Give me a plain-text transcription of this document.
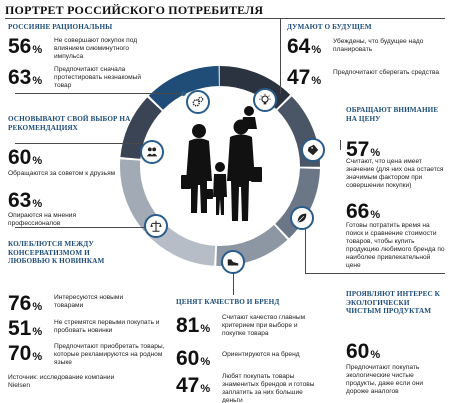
ПОРТРЕТ РОССИЙСКОГО ПОТРЕБИТЕЛЯ
РОССИЯНЕ РАЦИОНАЛЬНЫ
56%
Не совершают покупок под влиянием сиюминутного импульса
63%
Предпочитают сначала протестировать незнакомый товар
ДУМАЮТ О БУДУЩЕМ
64%
Убеждены, что будущее надо планировать
47%
Предпочитают сберегать средства
ОСНОВЫВАЮТ СВОЙ ВЫБОР НА РЕКОМЕНДАЦИЯХ
60%
Обращаются за советом к друзьям
63%
Опираются на мнения профессионалов
ОБРАЩАЮТ ВНИМАНИЕ НА ЦЕНУ
57%
Считают, что цена имеет значение (для них она остается значимым фактором при совершении покупки)
66%
Готовы потратить время на поиск и сравнение стоимости товаров, чтобы купить продукцию любимого бренда по наиболее привлекательной цене
КОЛЕБЛЮТСЯ МЕЖДУ КОНСЕРВАТИЗМОМ И ЛЮБОВЬЮ К НОВИНКАМ
76%
Интересуются новыми товарами
51%
Не стремятся первыми покупать и пробовать новинки
70%
Предпочитают приобретать товары, которые рекламируются на родном языке
Источник: исследование компании Nielsen
ЦЕНЯТ КАЧЕСТВО И БРЕНД
81%
Считают качество главным критерием при выборе и покупке товара
60%
Ориентируются на бренд
47%
Любят покупать товары знаменитых брендов и готовы заплатить за них большие деньги
ПРОЯВЛЯЮТ ИНТЕРЕС К ЭКОЛОГИЧЕСКИ ЧИСТЫМ ПРОДУКТАМ
60%
Предпочитают покупать экологические чистые продукты, даже если они дороже аналогов
